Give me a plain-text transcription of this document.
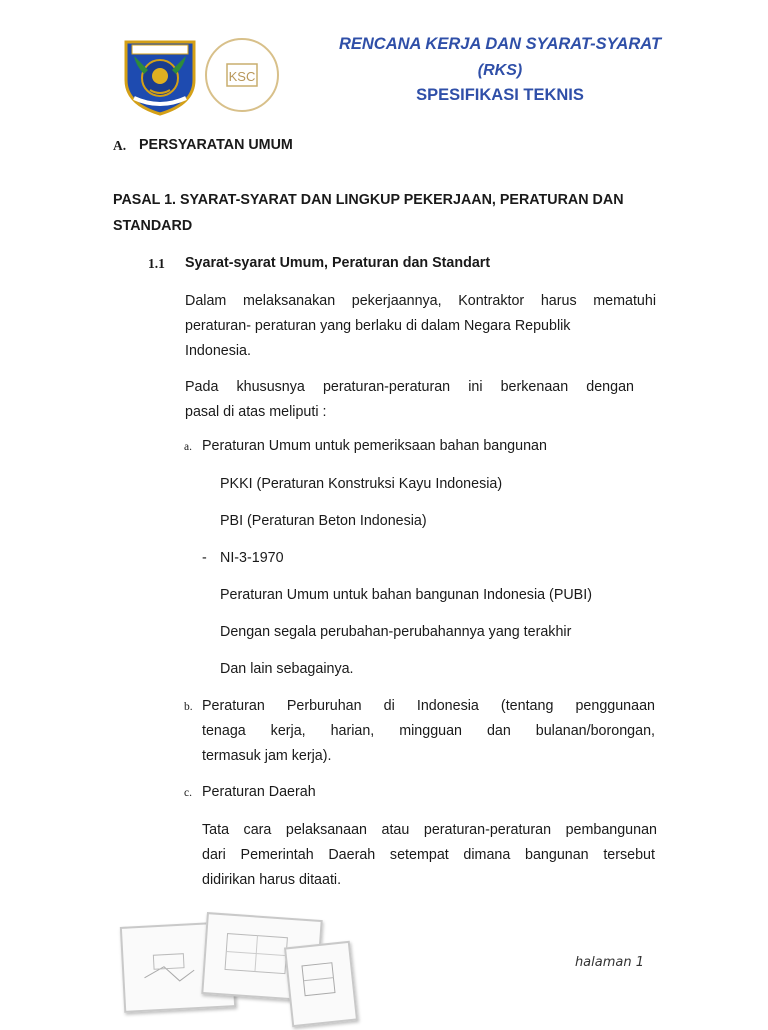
KSC
RENCANA KERJA DAN SYARAT-SYARAT
(RKS)
SPESIFIKASI TEKNIS
A. PERSYARATAN UMUM
PASAL 1. SYARAT-SYARAT DAN LINGKUP PEKERJAAN, PERATURAN DAN
STANDARD
1.1 Syarat-syarat Umum, Peraturan dan Standart
Dalam melaksanakan pekerjaannya, Kontraktor harus mematuhi
peraturan- peraturan yang berlaku di dalam Negara Republik
Indonesia.
Pada khususnya peraturan-peraturan ini berkenaan dengan
pasal di atas meliputi :
a. Peraturan Umum untuk pemeriksaan bahan bangunan
PKKI (Peraturan Konstruksi Kayu Indonesia)
PBI (Peraturan Beton Indonesia)
- NI-3-1970
Peraturan Umum untuk bahan bangunan Indonesia (PUBI)
Dengan segala perubahan-perubahannya yang terakhir
Dan lain sebagainya.
b. Peraturan Perburuhan di Indonesia (tentang penggunaan
tenaga kerja, harian, mingguan dan bulanan/borongan,
termasuk jam kerja).
c. Peraturan Daerah
Tata cara pelaksanaan atau peraturan-peraturan pembangunan
dari Pemerintah Daerah setempat dimana bangunan tersebut
didirikan harus ditaati.
halaman 1
